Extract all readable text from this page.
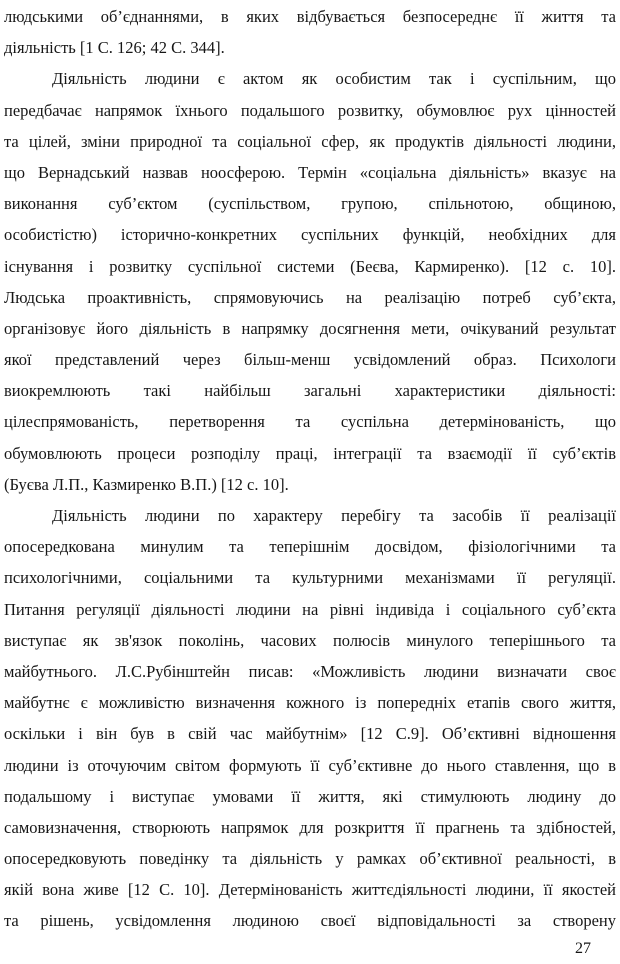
людськими об’єднаннями, в яких відбувається безпосереднє її життя та
діяльність [1 С. 126; 42 С. 344].
Діяльність людини є актом як особистим так і суспільним, що
передбачає напрямок їхнього подальшого розвитку, обумовлює рух цінностей
та цілей, зміни природної та соціальної сфер, як продуктів діяльності людини,
що Вернадський назвав ноосферою. Термін «соціальна діяльність» вказує на
виконання суб’єктом (суспільством, групою, спільнотою, общиною,
особистістю) історично-конкретних суспільних функцій, необхідних для
існування і розвитку суспільної системи (Беєва, Кармиренко). [12 с. 10].
Людська проактивність, спрямовуючись на реалізацію потреб суб’єкта,
організовує його діяльність в напрямку досягнення мети, очікуваний результат
якої представлений через більш-менш усвідомлений образ. Психологи
виокремлюють такі найбільш загальні характеристики діяльності:
цілеспрямованість, перетворення та суспільна детермінованість, що
обумовлюють процеси розподілу праці, інтеграції та взаємодії її суб’єктів
(Буєва Л.П., Казмиренко В.П.) [12 с. 10].
Діяльність людини по характеру перебігу та засобів її реалізації
опосередкована минулим та теперішнім досвідом, фізіологічними та
психологічними, соціальними та культурними механізмами її регуляції.
Питання регуляції діяльності людини на рівні індивіда і соціального суб’єкта
виступає як зв'язок поколінь, часових полюсів минулого теперішнього та
майбутнього. Л.С.Рубінштейн писав: «Можливість людини визначати своє
майбутнє є можливістю визначення кожного із попередніх етапів свого життя,
оскільки і він був в свій час майбутнім» [12 С.9]. Об’єктивні відношення
людини із оточуючим світом формують її суб’єктивне до нього ставлення, що в
подальшому і виступає умовами її життя, які стимулюють людину до
самовизначення, створюють напрямок для розкриття її прагнень та здібностей,
опосередковують поведінку та діяльність у рамках об’єктивної реальності, в
якій вона живе [12 С. 10]. Детермінованість життєдіяльності людини, її якостей
та рішень, усвідомлення людиною своєї відповідальності за створену
27
